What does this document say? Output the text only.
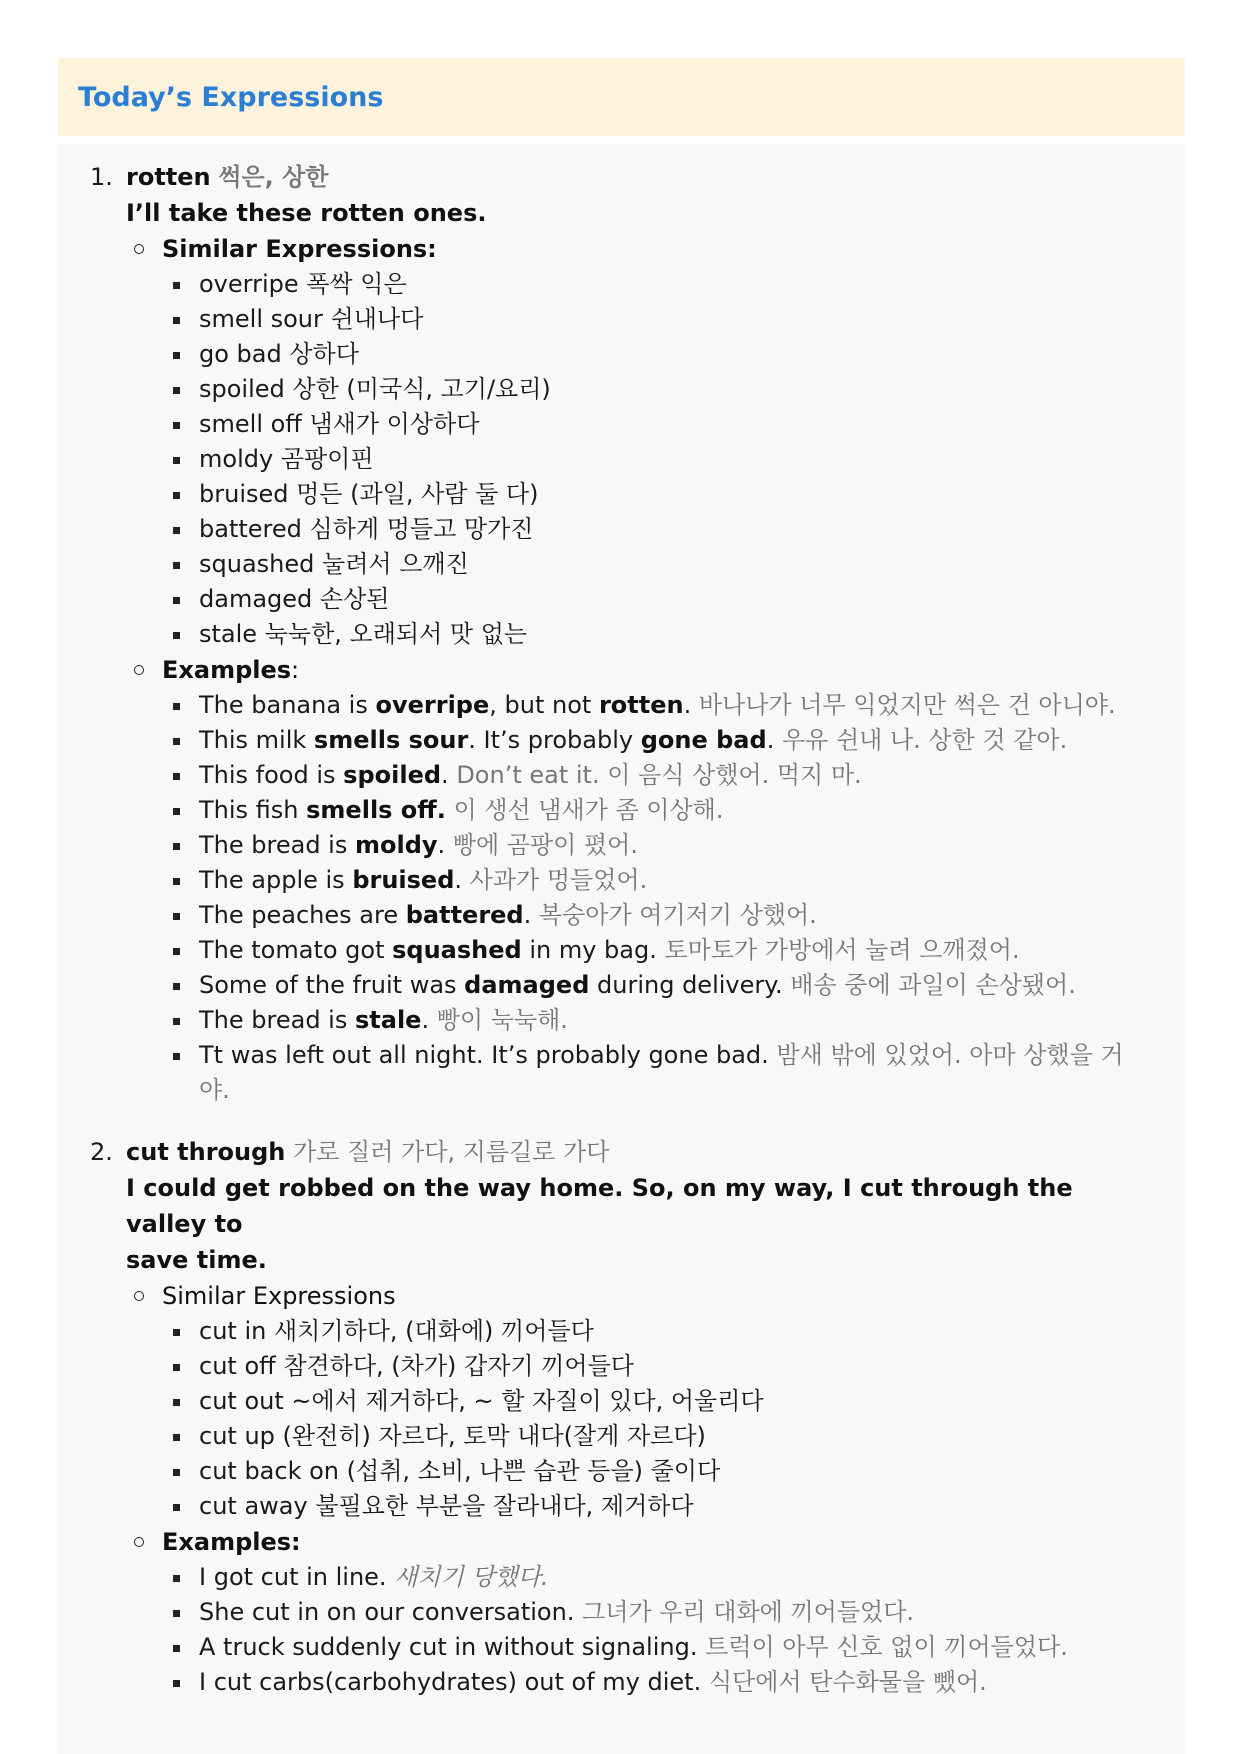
Today’s Expressions
1. rotten 썩은, 상한
I’ll take these rotten ones.
Similar Expressions:
overripe 폭싹 익은
smell sour 쉰내나다
go bad 상하다
spoiled 상한 (미국식, 고기/요리)
smell off 냄새가 이상하다
moldy 곰팡이핀
bruised 멍든 (과일, 사람 둘 다)
battered 심하게 멍들고 망가진
squashed 눌려서 으깨진
damaged 손상된
stale 눅눅한, 오래되서 맛 없는
Examples:
The banana is overripe, but not rotten. 바나나가 너무 익었지만 썩은 건 아니야.
This milk smells sour. It’s probably gone bad. 우유 쉰내 나. 상한 것 같아.
This food is spoiled. Don’t eat it. 이 음식 상했어. 먹지 마.
This fish smells off. 이 생선 냄새가 좀 이상해.
The bread is moldy. 빵에 곰팡이 폈어.
The apple is bruised. 사과가 멍들었어.
The peaches are battered. 복숭아가 여기저기 상했어.
The tomato got squashed in my bag. 토마토가 가방에서 눌려 으깨졌어.
Some of the fruit was damaged during delivery. 배송 중에 과일이 손상됐어.
The bread is stale. 빵이 눅눅해.
Tt was left out all night. It’s probably gone bad. 밤새 밖에 있었어. 아마 상했을 거
야.
2. cut through 가로 질러 가다, 지름길로 가다
I could get robbed on the way home. So, on my way, I cut through the valley to
save time.
Similar Expressions
cut in 새치기하다, (대화에) 끼어들다
cut off 참견하다, (차가) 갑자기 끼어들다
cut out ~에서 제거하다, ~ 할 자질이 있다, 어울리다
cut up (완전히) 자르다, 토막 내다(잘게 자르다)
cut back on (섭취, 소비, 나쁜 습관 등을) 줄이다
cut away 불필요한 부분을 잘라내다, 제거하다
Examples:
I got cut in line. 새치기 당했다.
She cut in on our conversation. 그녀가 우리 대화에 끼어들었다.
A truck suddenly cut in without signaling. 트럭이 아무 신호 없이 끼어들었다.
I cut carbs(carbohydrates) out of my diet. 식단에서 탄수화물을 뺐어.
